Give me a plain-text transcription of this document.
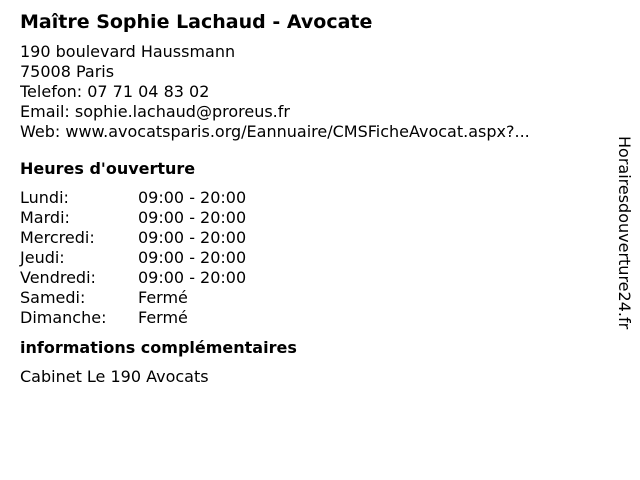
Maître Sophie Lachaud - Avocate
190 boulevard Haussmann
75008 Paris
Telefon: 07 71 04 83 02
Email: sophie.lachaud@proreus.fr
Web: www.avocatsparis.org/Eannuaire/CMSFicheAvocat.aspx?...
Heures d'ouverture
Lundi:	09:00 - 20:00
Mardi:	09:00 - 20:00
Mercredi:	09:00 - 20:00
Jeudi:	09:00 - 20:00
Vendredi:	09:00 - 20:00
Samedi:	Fermé
Dimanche:	Fermé
informations complémentaires
Cabinet Le 190 Avocats
Horairesdouverture24.fr
